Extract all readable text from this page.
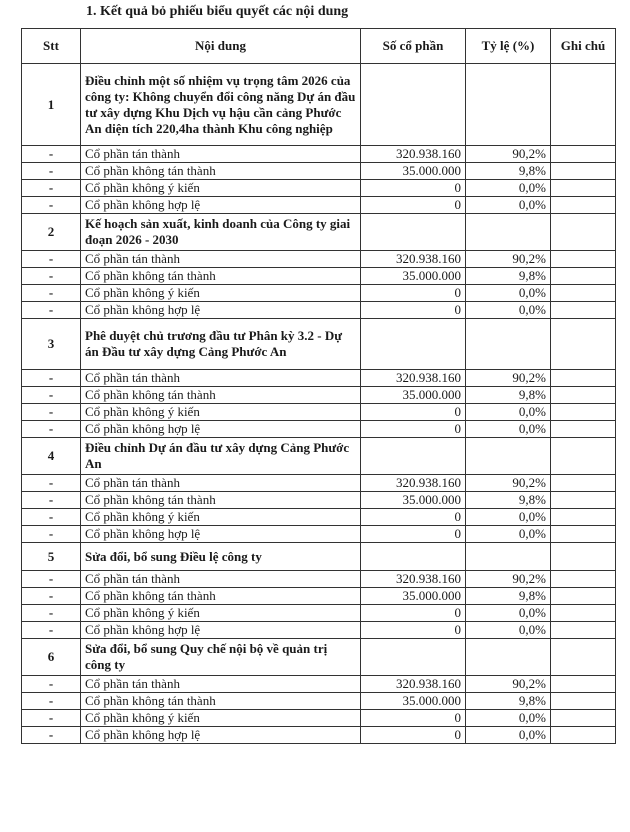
1. Kết quả bỏ phiếu biểu quyết các nội dung
Stt	Nội dung	Số cổ phần	Tỷ lệ (%)	Ghi chú
1	Điều chỉnh một số nhiệm vụ trọng tâm 2026 của công ty: Không chuyển đổi công năng Dự án đầu tư xây dựng Khu Dịch vụ hậu cần cảng Phước An diện tích 220,4ha thành Khu công nghiệp			
-	Cổ phần tán thành	320.938.160	90,2%	
-	Cổ phần không tán thành	35.000.000	9,8%	
-	Cổ phần không ý kiến	0	0,0%	
-	Cổ phần không hợp lệ	0	0,0%	
2	Kế hoạch sản xuất, kinh doanh của Công ty giai đoạn 2026 - 2030			
-	Cổ phần tán thành	320.938.160	90,2%	
-	Cổ phần không tán thành	35.000.000	9,8%	
-	Cổ phần không ý kiến	0	0,0%	
-	Cổ phần không hợp lệ	0	0,0%	
3	Phê duyệt chủ trương đầu tư Phân kỳ 3.2 - Dự án Đầu tư xây dựng Cảng Phước An			
-	Cổ phần tán thành	320.938.160	90,2%	
-	Cổ phần không tán thành	35.000.000	9,8%	
-	Cổ phần không ý kiến	0	0,0%	
-	Cổ phần không hợp lệ	0	0,0%	
4	Điều chỉnh Dự án đầu tư xây dựng Cảng Phước An			
-	Cổ phần tán thành	320.938.160	90,2%	
-	Cổ phần không tán thành	35.000.000	9,8%	
-	Cổ phần không ý kiến	0	0,0%	
-	Cổ phần không hợp lệ	0	0,0%	
5	Sửa đổi, bổ sung Điều lệ công ty			
-	Cổ phần tán thành	320.938.160	90,2%	
-	Cổ phần không tán thành	35.000.000	9,8%	
-	Cổ phần không ý kiến	0	0,0%	
-	Cổ phần không hợp lệ	0	0,0%	
6	Sửa đổi, bổ sung Quy chế nội bộ về quản trị công ty			
-	Cổ phần tán thành	320.938.160	90,2%	
-	Cổ phần không tán thành	35.000.000	9,8%	
-	Cổ phần không ý kiến	0	0,0%	
-	Cổ phần không hợp lệ	0	0,0%	
